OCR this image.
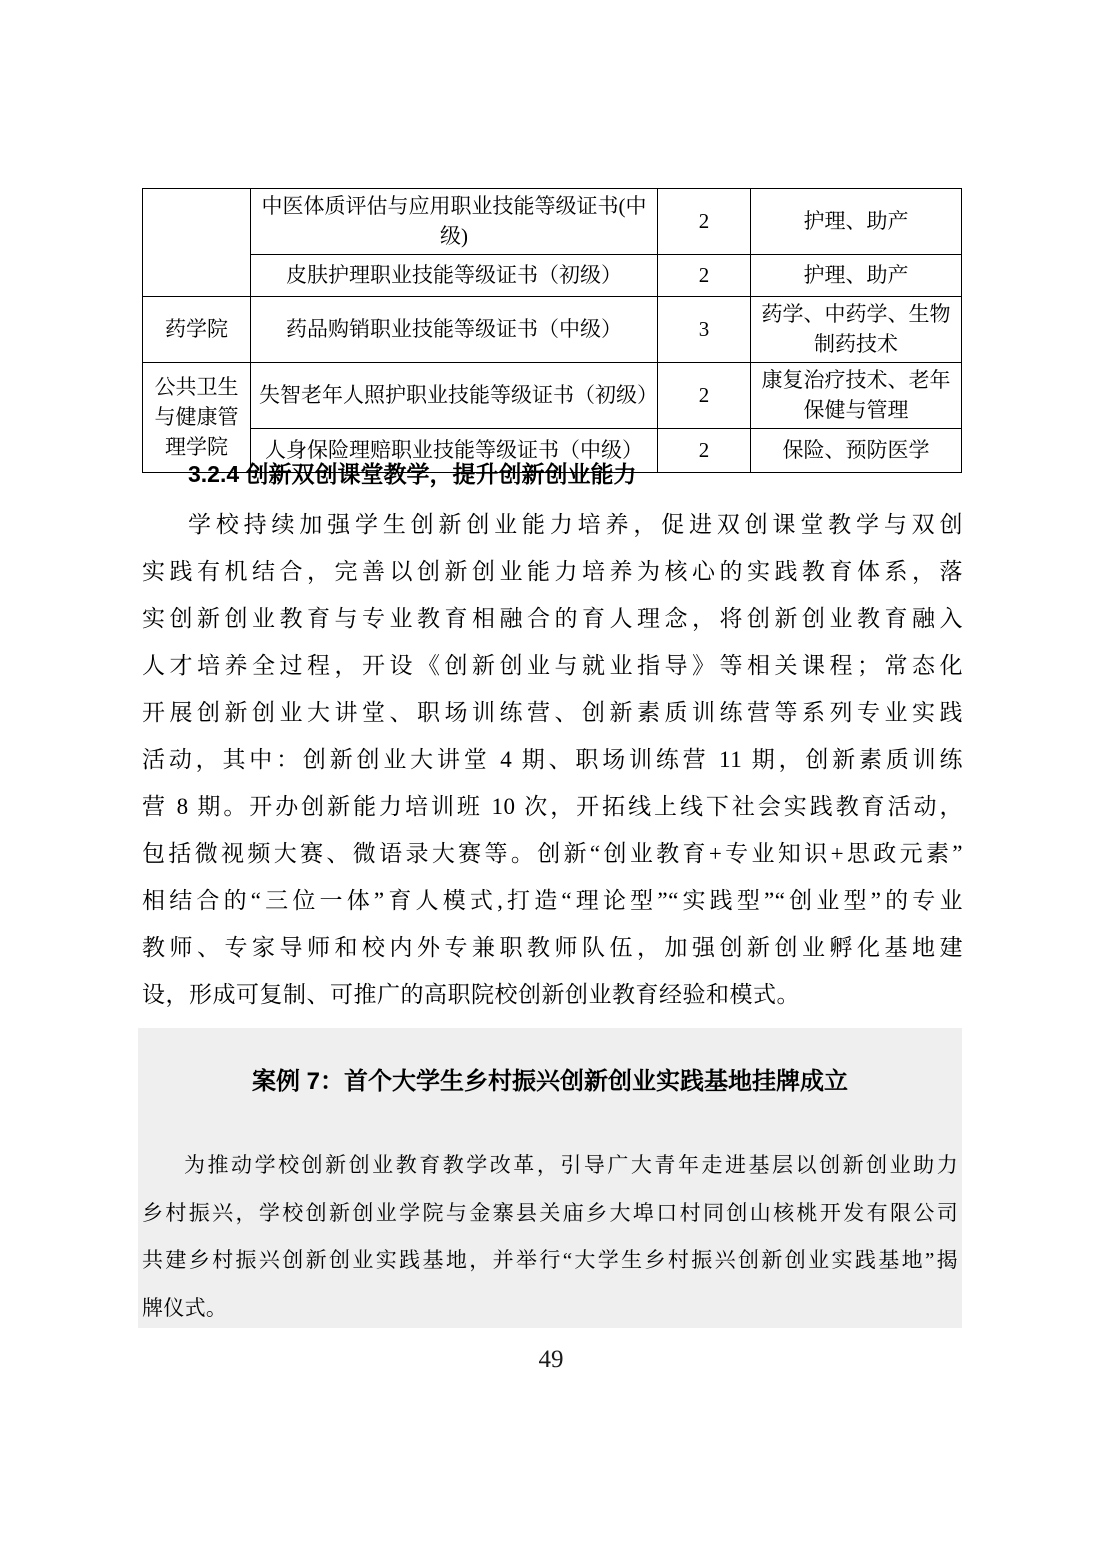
	中医体质评估与应用职业技能等级证书(中级)	2	护理、助产
	皮肤护理职业技能等级证书（初级）	2	护理、助产
药学院	药品购销职业技能等级证书（中级）	3	药学、中药学、生物制药技术
公共卫生与健康管理学院	失智老年人照护职业技能等级证书（初级）	2	康复治疗技术、老年保健与管理
	人身保险理赔职业技能等级证书（中级）	2	保险、预防医学
3.2.4 创新双创课堂教学，提升创新创业能力
学校持续加强学生创新创业能力培养，促进双创课堂教学与双创
实践有机结合，完善以创新创业能力培养为核心的实践教育体系，落
实创新创业教育与专业教育相融合的育人理念，将创新创业教育融入
人才培养全过程，开设《创新创业与就业指导》等相关课程；常态化
开展创新创业大讲堂、职场训练营、创新素质训练营等系列专业实践
活动，其中：创新创业大讲堂 4 期、职场训练营 11 期，创新素质训练
营 8 期。开办创新能力培训班 10 次，开拓线上线下社会实践教育活动，
包括微视频大赛、微语录大赛等。创新“创业教育+专业知识+思政元素”
相结合的“三位一体”育人模式,打造“理论型”“实践型”“创业型”的专业
教师、专家导师和校内外专兼职教师队伍，加强创新创业孵化基地建
设，形成可复制、可推广的高职院校创新创业教育经验和模式。
案例 7：首个大学生乡村振兴创新创业实践基地挂牌成立
为推动学校创新创业教育教学改革，引导广大青年走进基层以创新创业助力
乡村振兴，学校创新创业学院与金寨县关庙乡大埠口村同创山核桃开发有限公司
共建乡村振兴创新创业实践基地，并举行“大学生乡村振兴创新创业实践基地”揭
牌仪式。
49
